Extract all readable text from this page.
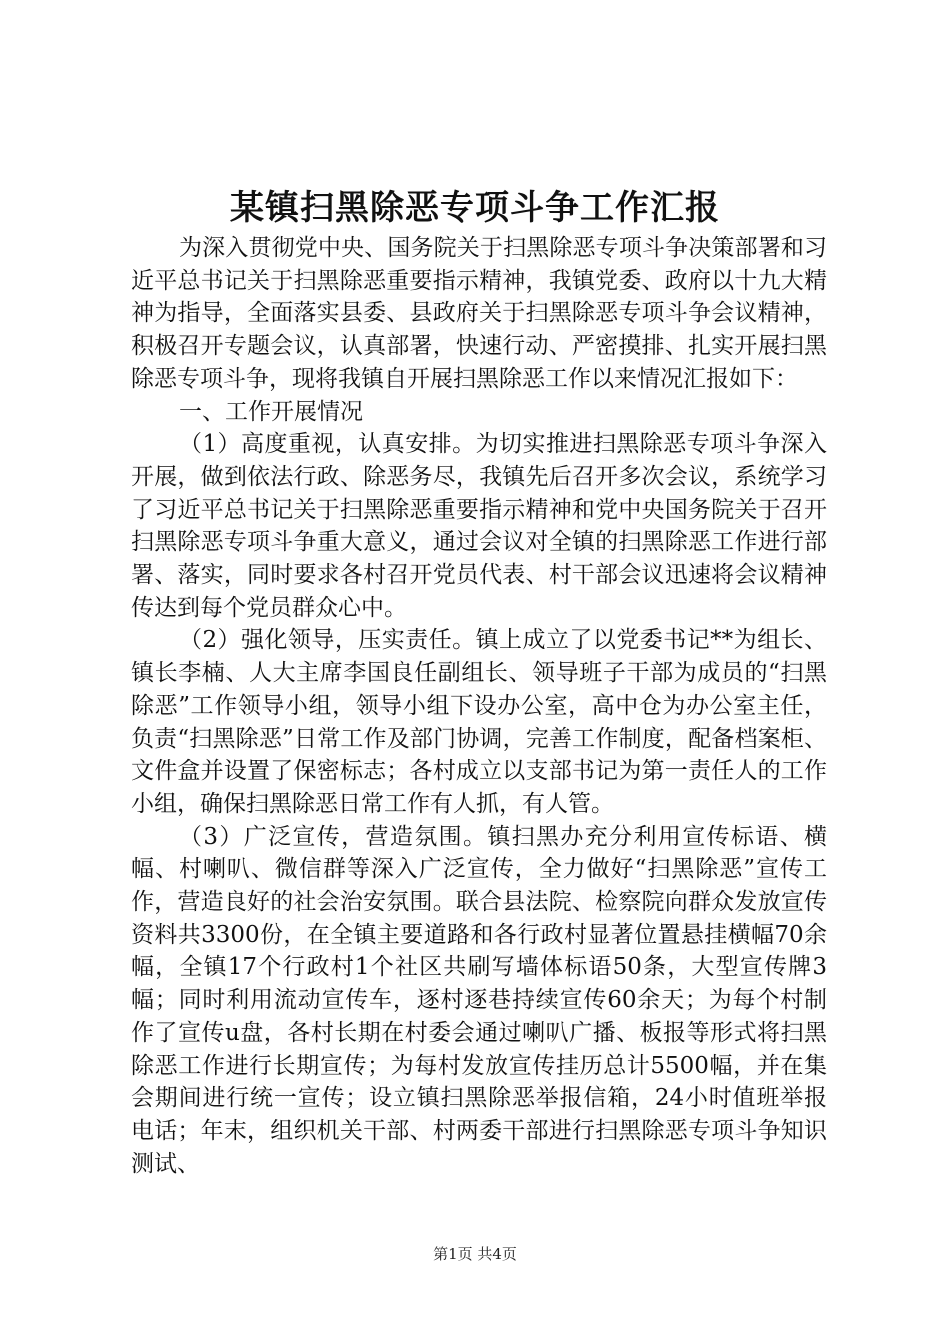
某镇扫黑除恶专项斗争工作汇报

为深入贯彻党中央、国务院关于扫黑除恶专项斗争决策部署和习近平总书记关于扫黑除恶重要指示精神，我镇党委、政府以十九大精神为指导，全面落实县委、县政府关于扫黑除恶专项斗争会议精神，积极召开专题会议，认真部署，快速行动、严密摸排、扎实开展扫黑除恶专项斗争，现将我镇自开展扫黑除恶工作以来情况汇报如下：

一、工作开展情况

（1）高度重视，认真安排。为切实推进扫黑除恶专项斗争深入开展，做到依法行政、除恶务尽，我镇先后召开多次会议，系统学习了习近平总书记关于扫黑除恶重要指示精神和党中央国务院关于召开扫黑除恶专项斗争重大意义，通过会议对全镇的扫黑除恶工作进行部署、落实，同时要求各村召开党员代表、村干部会议迅速将会议精神传达到每个党员群众心中。

（2）强化领导，压实责任。镇上成立了以党委书记**为组长、镇长李楠、人大主席李国良任副组长、领导班子干部为成员的“扫黑除恶”工作领导小组，领导小组下设办公室，高中仓为办公室主任，负责“扫黑除恶”日常工作及部门协调，完善工作制度，配备档案柜、文件盒并设置了保密标志；各村成立以支部书记为第一责任人的工作小组，确保扫黑除恶日常工作有人抓，有人管。

（3）广泛宣传，营造氛围。镇扫黑办充分利用宣传标语、横幅、村喇叭、微信群等深入广泛宣传，全力做好“扫黑除恶”宣传工作，营造良好的社会治安氛围。联合县法院、检察院向群众发放宣传资料共3300份，在全镇主要道路和各行政村显著位置悬挂横幅70余幅，全镇17个行政村1个社区共刷写墙体标语50条，大型宣传牌3幅；同时利用流动宣传车，逐村逐巷持续宣传60余天；为每个村制作了宣传u盘，各村长期在村委会通过喇叭广播、板报等形式将扫黑除恶工作进行长期宣传；为每村发放宣传挂历总计5500幅，并在集会期间进行统一宣传；设立镇扫黑除恶举报信箱，24小时值班举报电话；年末，组织机关干部、村两委干部进行扫黑除恶专项斗争知识测试、

第1页 共4页
